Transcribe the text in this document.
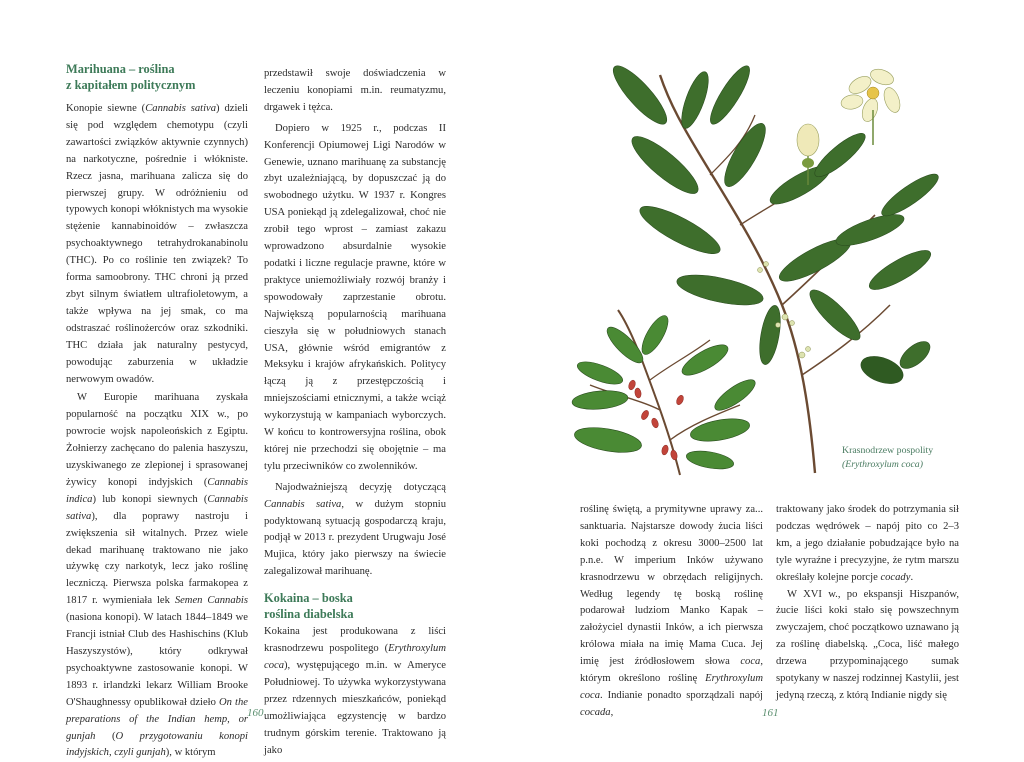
Marihuana – roślina
z kapitałem politycznym

Konopie siewne (Cannabis sativa) dzieli się pod względem chemotypu (czyli zawartości związków aktywnie czynnych) na narkotyczne, pośrednie i włókniste. Rzecz jasna, marihuana zalicza się do pierwszej grupy. W odróżnieniu od typowych konopi włóknistych ma wysokie stężenie kannabinoidów – zwłaszcza psychoaktywnego tetrahydrokanabinolu (THC). Po co roślinie ten związek? To forma samoobrony. THC chroni ją przed zbyt silnym światłem ultrafioletowym, a także wpływa na jej smak, co ma odstraszać roślinożerców oraz szkodniki. THC działa jak naturalny pestycyd, powodując zaburzenia w układzie nerwowym owadów.

W Europie marihuana zyskała popularność na początku XIX w., po powrocie wojsk napoleońskich z Egiptu. Żołnierzy zachęcano do palenia haszyszu, uzyskiwanego ze zlepionej i sprasowanej żywicy konopi indyjskich (Cannabis indica) lub konopi siewnych (Cannabis sativa), dla poprawy nastroju i zwiększenia sił witalnych. Przez wiele dekad marihuanę traktowano nie jako używkę czy narkotyk, lecz jako roślinę leczniczą. Pierwsza polska farmakopea z 1817 r. wymieniała lek Semen Cannabis (nasiona konopi). W latach 1844–1849 we Francji istniał Club des Hashischins (Klub Haszyszystów), który odkrywał psychoaktywne zastosowanie konopi. W 1893 r. irlandzki lekarz William Brooke O'Shaughnessy opublikował dzieło On the preparations of the Indian hemp, or gunjah (O przygotowaniu konopi indyjskich, czyli gunjah), w którym

przedstawił swoje doświadczenia w leczeniu konopiami m.in. reumatyzmu, drgawek i tężca.

Dopiero w 1925 r., podczas II Konferencji Opiumowej Ligi Narodów w Genewie, uznano marihuanę za substancję zbyt uzależniającą, by dopuszczać ją do swobodnego użytku. W 1937 r. Kongres USA poniekąd ją zdelegalizował, choć nie zrobił tego wprost – zamiast zakazu wprowadzono absurdalnie wysokie podatki i liczne regulacje prawne, które w praktyce uniemożliwiały rozwój branży i spowodowały zaprzestanie obrotu. Największą popularnością marihuana cieszyła się w południowych stanach USA, głównie wśród emigrantów z Meksyku i krajów afrykańskich. Politycy łączą ją z przestępczością i mniejszościami etnicznymi, a także wciąż wykorzystują w kampaniach wyborczych. W końcu to kontrowersyjna roślina, obok której nie przechodzi się obojętnie – ma tylu przeciwników co zwolenników.

Najodważniejszą decyzję dotyczącą Cannabis sativa, w dużym stopniu podyktowaną sytuacją gospodarczą kraju, podjął w 2013 r. prezydent Urugwaju José Mujica, który jako pierwszy na świecie zalegalizował marihuanę.

Kokaina – boska
roślina diabelska

Kokaina jest produkowana z liści krasnodrzewu pospolitego (Erythroxylum coca), występującego m.in. w Ameryce Południowej. To używka wykorzystywana przez rdzennych mieszkańców, poniekąd umożliwiająca egzystencję w bardzo trudnym górskim terenie. Traktowano ją jako

160
Krasnodrzew pospolity
(Erythroxylum coca)

roślinę świętą, a prymitywne uprawy za... sanktuaria. Najstarsze dowody żucia liści koki pochodzą z okresu 3000–2500 lat p.n.e. W imperium Inków używano krasnodrzewu w obrzędach religijnych. Według legendy tę boską roślinę podarował ludziom Manko Kapak – założyciel dynastii Inków, a ich pierwsza królowa miała na imię Mama Cuca. Jej imię jest źródłosłowem słowa coca, którym określono roślinę Erythroxylum coca. Indianie ponadto sporządzali napój cocada,

traktowany jako środek do potrzymania sił podczas wędrówek – napój pito co 2–3 km, a jego działanie pobudzające było na tyle wyraźne i precyzyjne, że rytm marszu określały kolejne porcje cocady.

W XVI w., po ekspansji Hiszpanów, żucie liści koki stało się powszechnym zwyczajem, choć początkowo uznawano ją za roślinę diabelską. „Coca, liść małego drzewa przypominającego sumak spotykany w naszej rodzinnej Kastylii, jest jedyną rzeczą, z którą Indianie nigdy się

161
